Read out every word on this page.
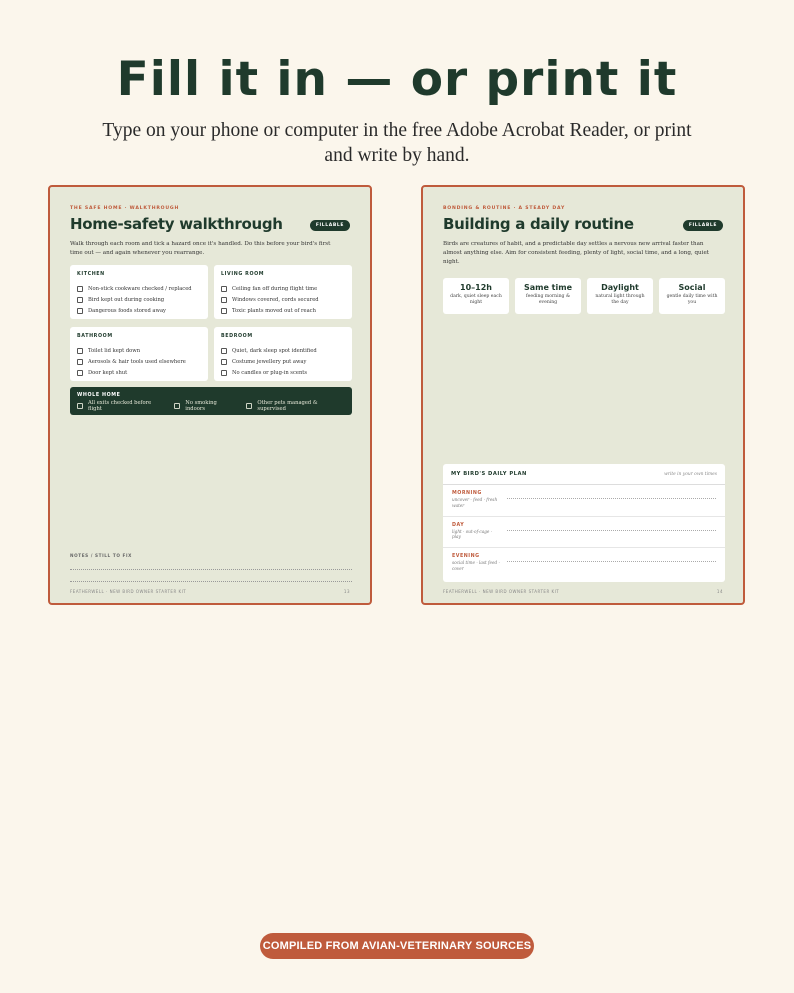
Fill it in — or print it
Type on your phone or computer in the free Adobe Acrobat Reader, or print and write by hand.
THE SAFE HOME · WALKTHROUGH
Home-safety walkthrough	FILLABLE
Walk through each room and tick a hazard once it's handled. Do this before your bird's first time out — and again whenever you rearrange.
KITCHEN
Non-stick cookware checked / replaced
Bird kept out during cooking
Dangerous foods stored away
LIVING ROOM
Ceiling fan off during flight time
Windows covered, cords secured
Toxic plants moved out of reach
BATHROOM
Toilet lid kept down
Aerosols & hair tools used elsewhere
Door kept shut
BEDROOM
Quiet, dark sleep spot identified
Costume jewellery put away
No candles or plug-in scents
WHOLE HOME
All exits checked before flight
No smoking indoors
Other pets managed & supervised
NOTES / STILL TO FIX
FEATHERWELL · NEW BIRD OWNER STARTER KIT	13
BONDING & ROUTINE · A STEADY DAY
Building a daily routine	FILLABLE
Birds are creatures of habit, and a predictable day settles a nervous new arrival faster than almost anything else. Aim for consistent feeding, plenty of light, social time, and a long, quiet night.
10–12h
dark, quiet sleep each night
Same time
feeding morning & evening
Daylight
natural light through the day
Social
gentle daily time with you
MY BIRD'S DAILY PLAN	write in your own times
MORNING
uncover · feed · fresh water
DAY
light · out-of-cage · play
EVENING
social time · last feed · cover
FEATHERWELL · NEW BIRD OWNER STARTER KIT	14
COMPILED FROM AVIAN-VETERINARY SOURCES
